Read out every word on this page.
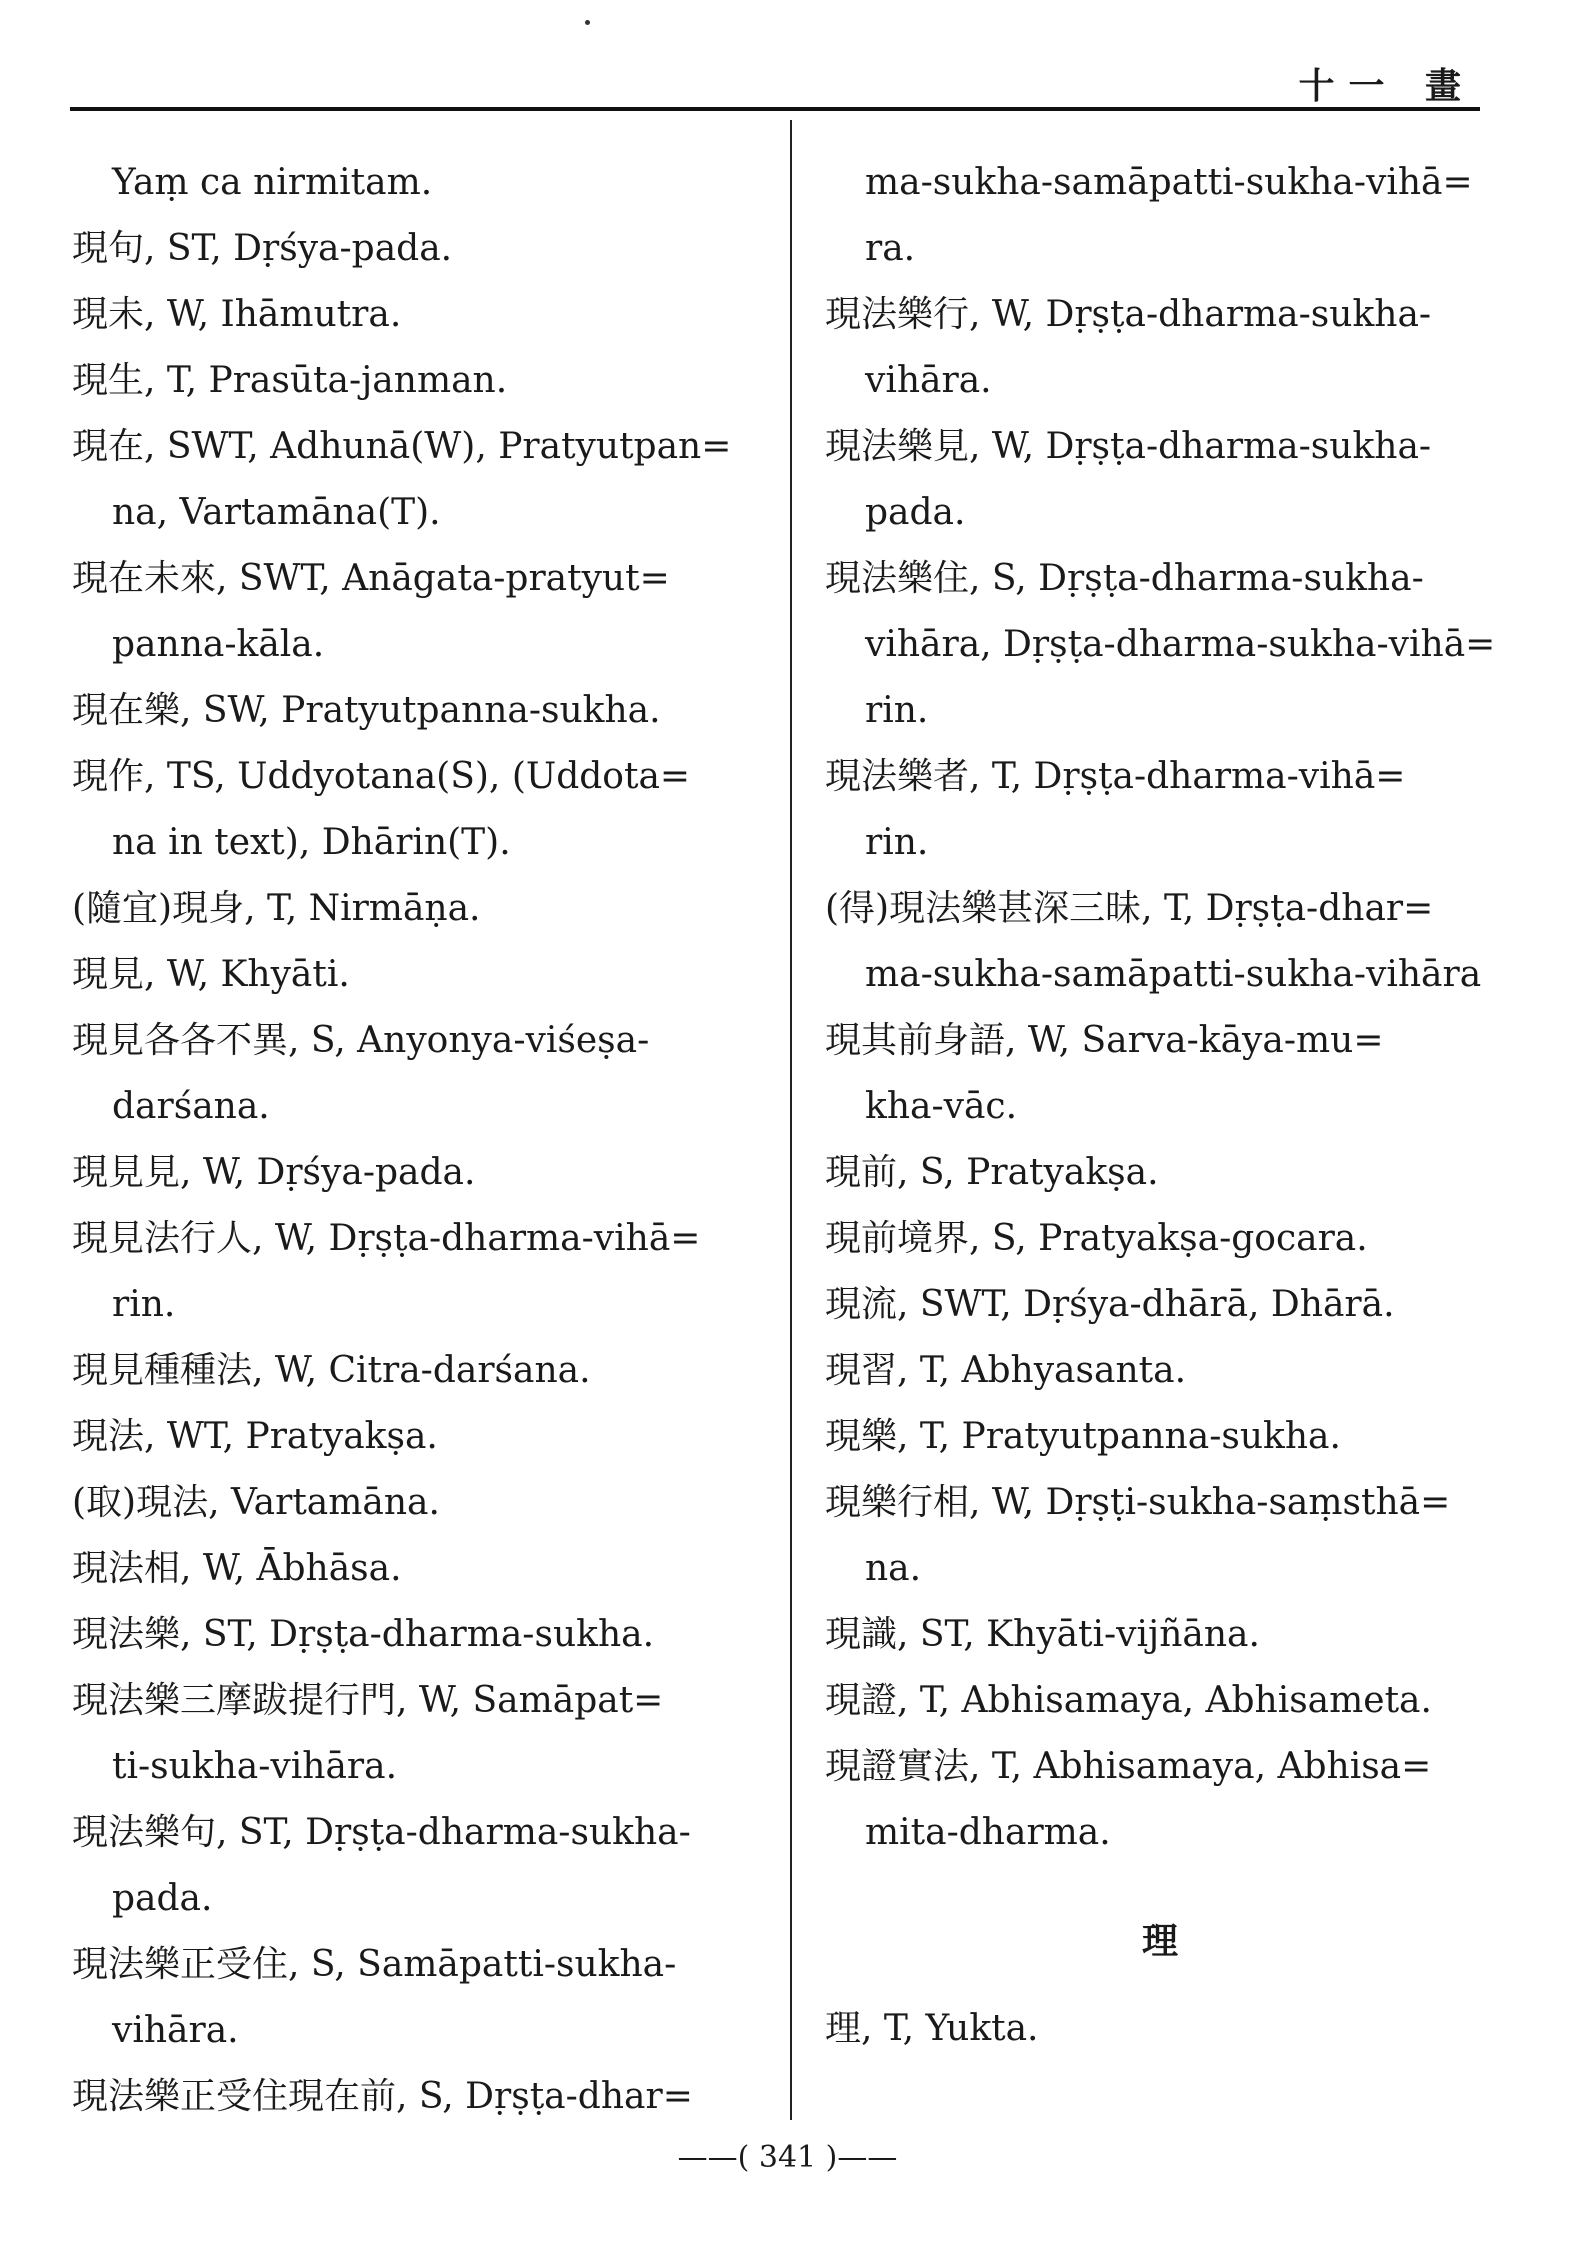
十一 畫
Yaṃ ca nirmitam.
現句, ST, Dṛśya-pada.
現未, W, Ihāmutra.
現生, T, Prasūta-janman.
現在, SWT, Adhunā(W), Pratyutpan=
na, Vartamāna(T).
現在未來, SWT, Anāgata-pratyut=
panna-kāla.
現在樂, SW, Pratyutpanna-sukha.
現作, TS, Uddyotana(S), (Uddota=
na in text), Dhārin(T).
(隨宜)現身, T, Nirmāṇa.
現見, W, Khyāti.
現見各各不異, S, Anyonya-viśeṣa-
darśana.
現見見, W, Dṛśya-pada.
現見法行人, W, Dṛṣṭa-dharma-vihā=
rin.
現見種種法, W, Citra-darśana.
現法, WT, Pratyakṣa.
(取)現法, Vartamāna.
現法相, W, Ābhāsa.
現法樂, ST, Dṛṣṭa-dharma-sukha.
現法樂三摩跋提行門, W, Samāpat=
ti-sukha-vihāra.
現法樂句, ST, Dṛṣṭa-dharma-sukha-
pada.
現法樂正受住, S, Samāpatti-sukha-
vihāra.
現法樂正受住現在前, S, Dṛṣṭa-dhar=
ma-sukha-samāpatti-sukha-vihā=
ra.
現法樂行, W, Dṛṣṭa-dharma-sukha-
vihāra.
現法樂見, W, Dṛṣṭa-dharma-sukha-
pada.
現法樂住, S, Dṛṣṭa-dharma-sukha-
vihāra, Dṛṣṭa-dharma-sukha-vihā=
rin.
現法樂者, T, Dṛṣṭa-dharma-vihā=
rin.
(得)現法樂甚深三昧, T, Dṛṣṭa-dhar=
ma-sukha-samāpatti-sukha-vihāra
現其前身語, W, Sarva-kāya-mu=
kha-vāc.
現前, S, Pratyakṣa.
現前境界, S, Pratyakṣa-gocara.
現流, SWT, Dṛśya-dhārā, Dhārā.
現習, T, Abhyasanta.
現樂, T, Pratyutpanna-sukha.
現樂行相, W, Dṛṣṭi-sukha-saṃsthā=
na.
現識, ST, Khyāti-vijñāna.
現證, T, Abhisamaya, Abhisameta.
現證實法, T, Abhisamaya, Abhisa=
mita-dharma.
理
理, T, Yukta.
——( 341 )——
